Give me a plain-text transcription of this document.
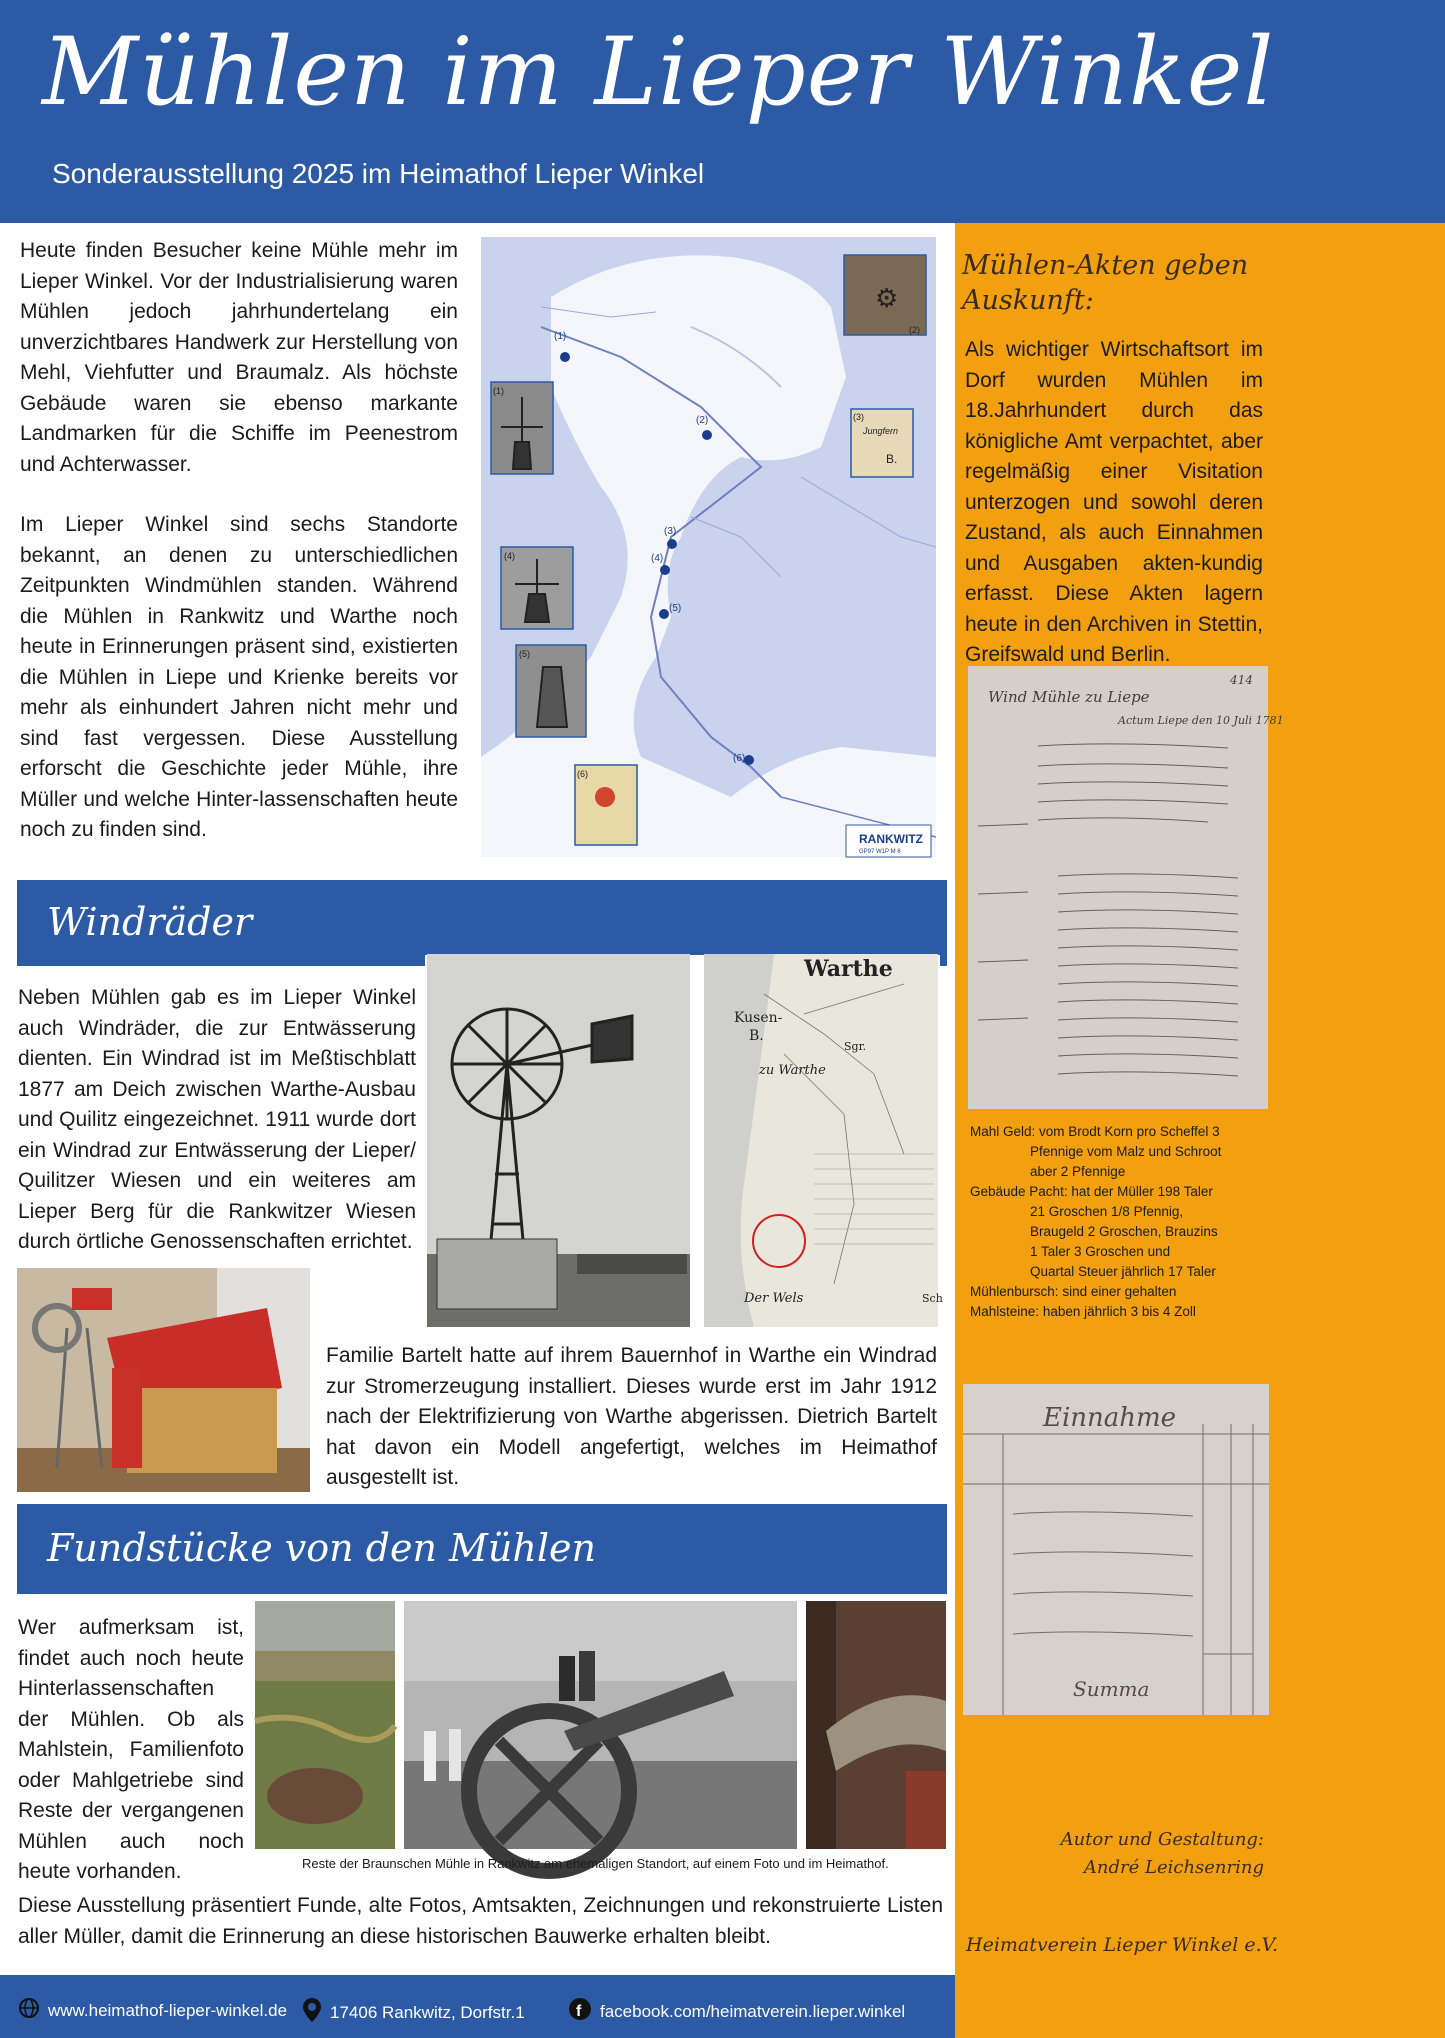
Mühlen im Lieper Winkel
Sonderausstellung 2025 im Heimathof Lieper Winkel
Heute finden Besucher keine Mühle mehr im Lieper Winkel. Vor der Industrialisierung waren Mühlen jedoch jahrhundertelang ein unverzichtbares Handwerk zur Herstellung von Mehl, Viehfutter und Braumalz. Als höchste Gebäude waren sie ebenso markante Landmarken für die Schiffe im Peenestrom und Achterwasser.
Im Lieper Winkel sind sechs Standorte bekannt, an denen zu unterschiedlichen Zeitpunkten Windmühlen standen. Während die Mühlen in Rankwitz und Warthe noch heute in Erinnerungen präsent sind, existierten die Mühlen in Liepe und Krienke bereits vor mehr als einhundert Jahren nicht mehr und sind fast vergessen. Diese Ausstellung erforscht die Geschichte jeder Mühle, ihre Müller und welche Hinter-lassenschaften heute noch zu finden sind.
(1)
(2)
(3)
(4)
(5)
(6)
⚙
(1)
(2)
(3)
(4)
(5)
(6)
Jungfern
B.
RANKWITZ
GP97 W1P M 8
Windräder
Neben Mühlen gab es im Lieper Winkel auch Windräder, die zur Entwässerung dienten. Ein Windrad ist im Meßtischblatt 1877 am Deich zwischen Warthe-Ausbau und Quilitz eingezeichnet. 1911 wurde dort ein Windrad zur Entwässerung der Lieper/ Quilitzer Wiesen und ein weiteres am Lieper Berg für die Rankwitzer Wiesen durch örtliche Genossenschaften errichtet.
Warthe
Kusen-
B.
zu Warthe
Der Wels
Sgr.
Sch
Familie Bartelt hatte auf ihrem Bauernhof in Warthe ein Windrad zur Stromerzeugung installiert. Dieses wurde erst im Jahr 1912 nach der Elektrifizierung von Warthe abgerissen. Dietrich Bartelt hat davon ein Modell angefertigt, welches im Heimathof ausgestellt ist.
Fundstücke von den Mühlen
Wer aufmerksam ist, findet auch noch heute Hinterlassenschaften der Mühlen. Ob als Mahlstein, Familienfoto oder Mahlgetriebe sind Reste der vergangenen Mühlen auch noch heute vorhanden.	Reste der Braunschen Mühle in Rankwitz am ehemaligen Standort, auf einem Foto und im Heimathof.
Diese Ausstellung präsentiert Funde, alte Fotos, Amtsakten, Zeichnungen und rekonstruierte Listen aller Müller, damit die Erinnerung an diese historischen Bauwerke erhalten bleibt.
Mühlen-Akten geben Auskunft:
Als wichtiger Wirtschaftsort im Dorf wurden Mühlen im 18.Jahrhundert durch das königliche Amt verpachtet, aber regelmäßig einer Visitation unterzogen und sowohl deren Zustand, als auch Einnahmen und Ausgaben akten-kundig erfasst. Diese Akten lagern heute in den Archiven in Stettin, Greifswald und Berlin.
Wind Mühle zu Liepe
414
Actum Liepe den 10 Juli 1781
Mahl Geld: vom Brodt Korn pro Scheffel 3
Pfennige vom Malz und Schroot
aber 2 Pfennige
Gebäude Pacht: hat der Müller 198 Taler
21 Groschen 1/8 Pfennig,
Braugeld 2 Groschen, Brauzins
1 Taler 3 Groschen und
Quartal Steuer jährlich 17 Taler
Mühlenbursch: sind einer gehalten
Mahlsteine: haben jährlich 3 bis 4 Zoll
Einnahme
Summa
Autor und Gestaltung:
André Leichsenring
Heimatverein Lieper Winkel e.V.
www.heimathof-lieper-winkel.de	17406 Rankwitz, Dorfstr.1	f facebook.com/heimatverein.lieper.winkel
